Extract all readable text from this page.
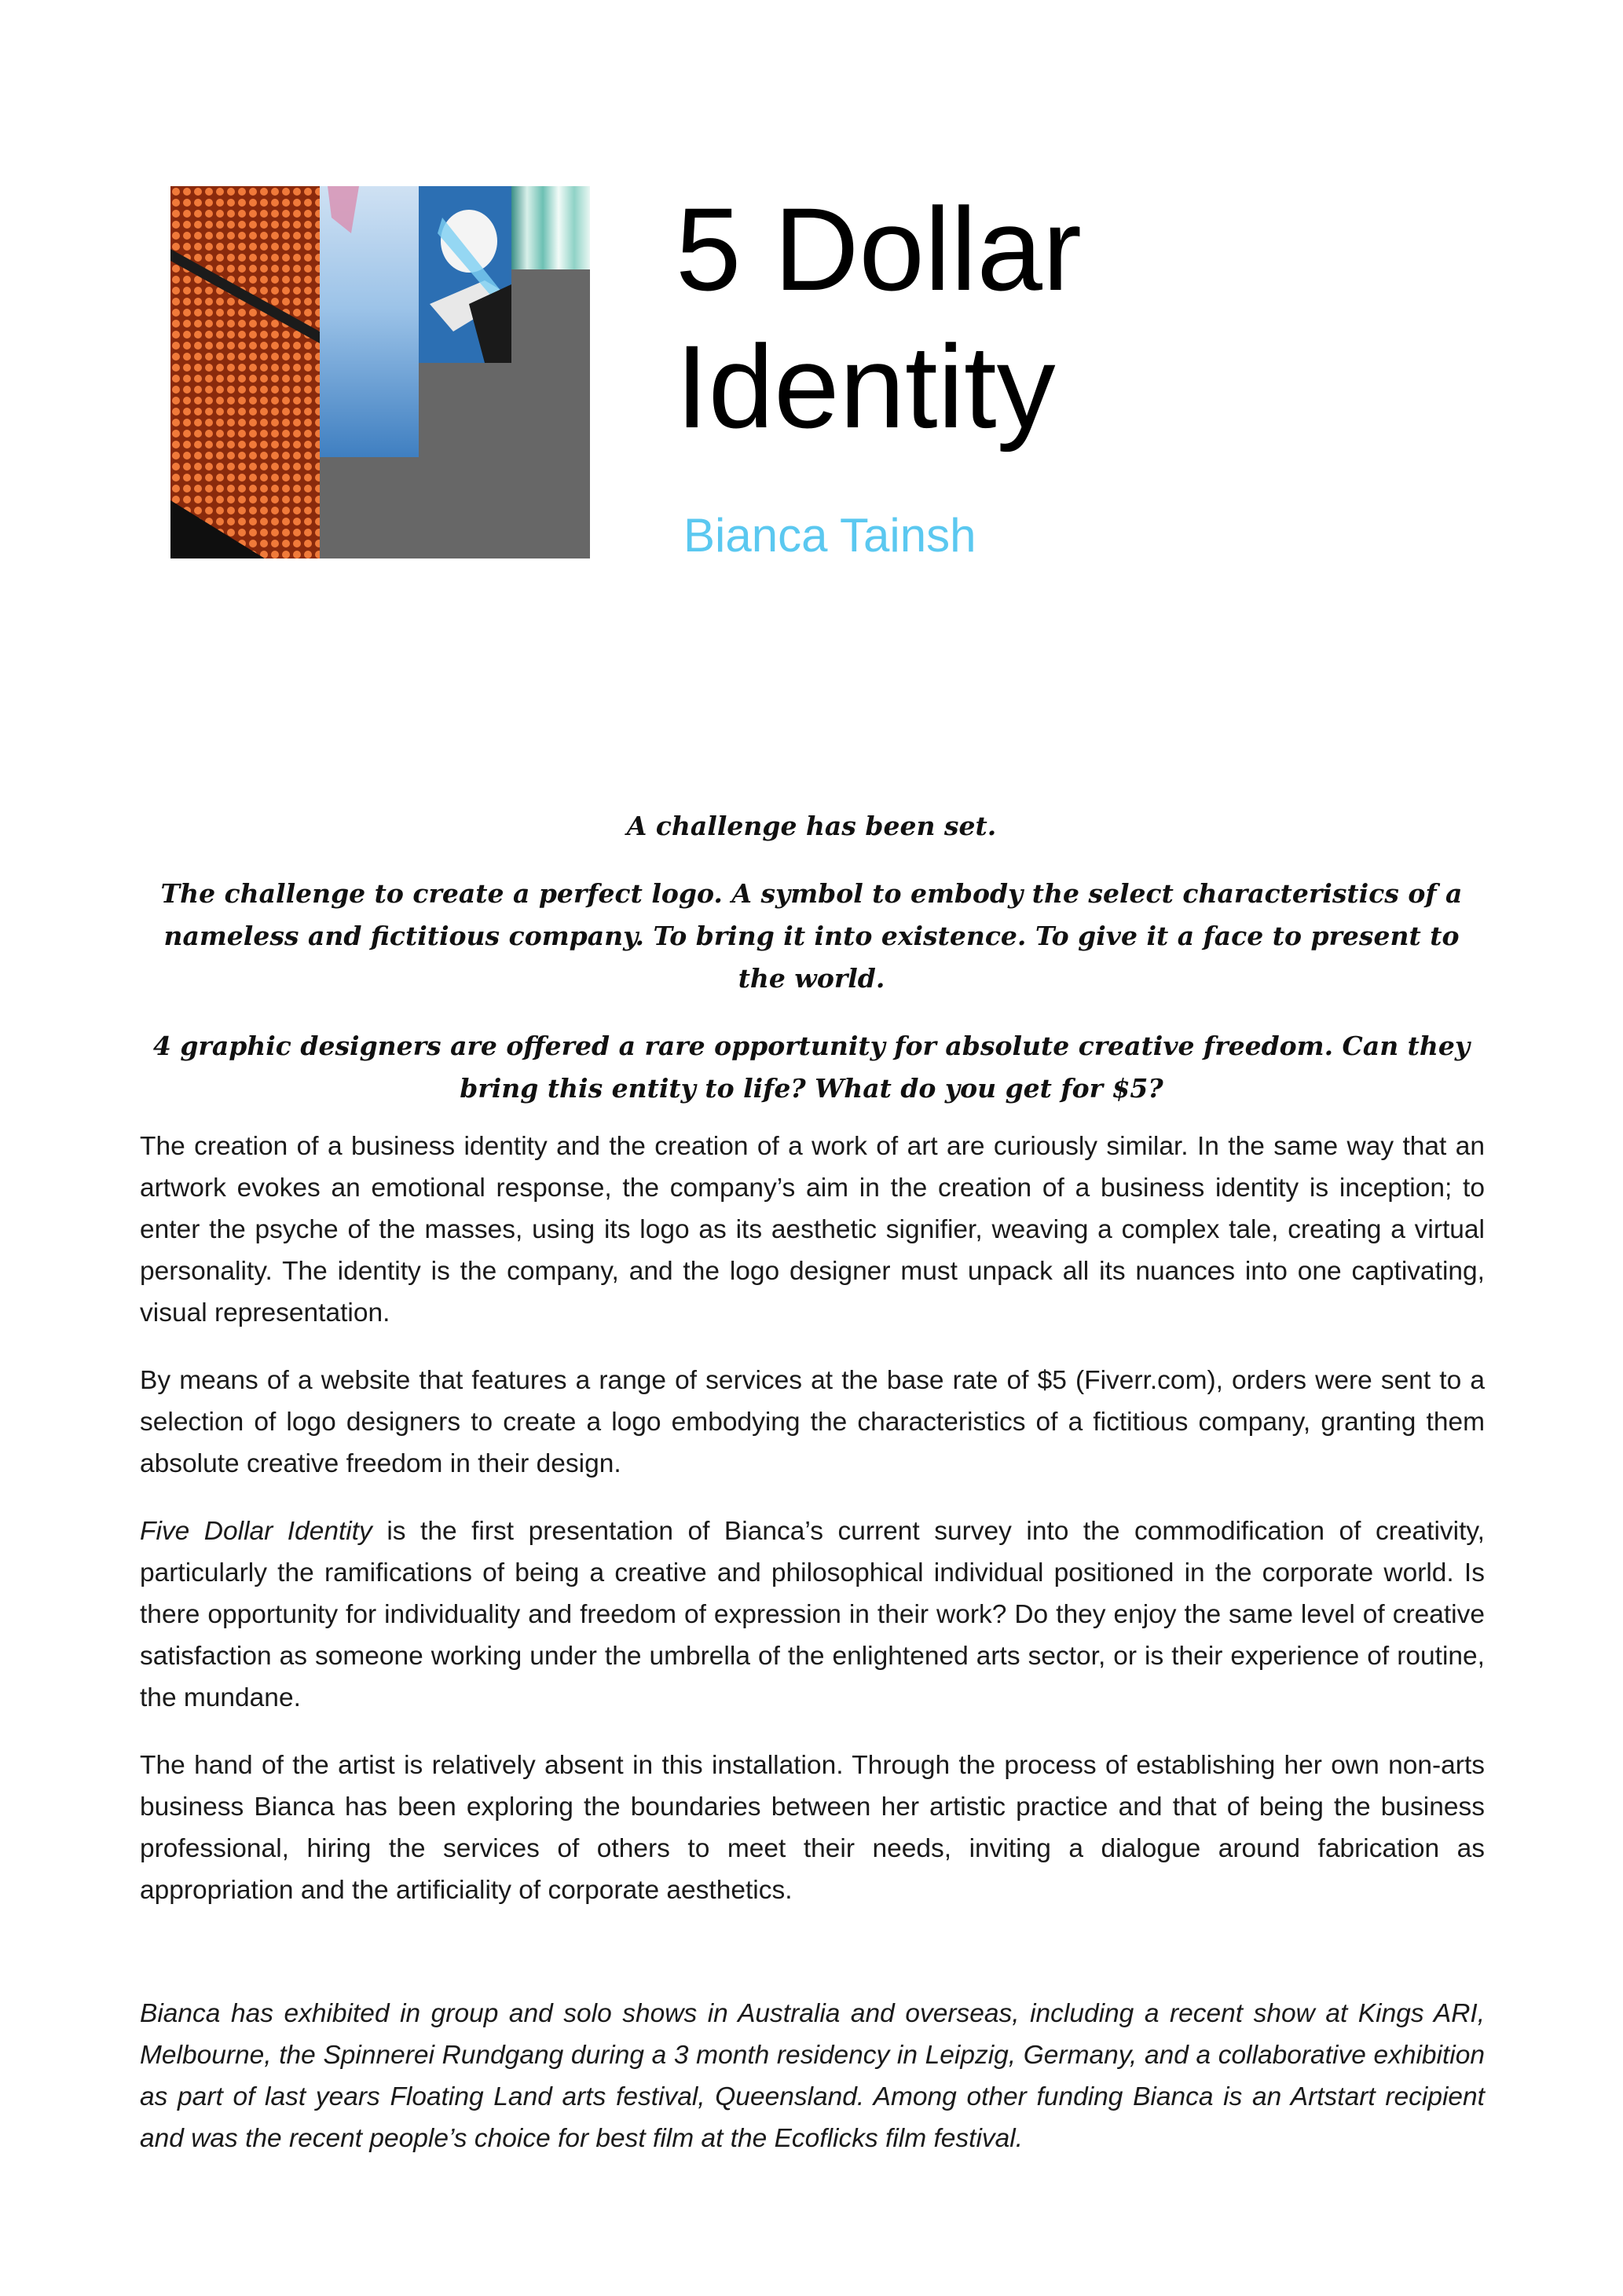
5 Dollar
Identity
Bianca Tainsh

A challenge has been set.

The challenge to create a perfect logo. A symbol to embody the select characteristics of a nameless and fictitious company. To bring it into existence. To give it a face to present to the world.

4 graphic designers are offered a rare opportunity for absolute creative freedom. Can they bring this entity to life? What do you get for $5?

The creation of a business identity and the creation of a work of art are curiously similar. In the same way that an artwork evokes an emotional response, the company’s aim in the creation of a business identity is inception; to enter the psyche of the masses, using its logo as its aesthetic signifier, weaving a complex tale, creating a virtual personality. The identity is the company, and the logo designer must unpack all its nuances into one captivating, visual representation.

By means of a website that features a range of services at the base rate of $5 (Fiverr.com), orders were sent to a selection of logo designers to create a logo embodying the characteristics of a fictitious company, granting them absolute creative freedom in their design.

Five Dollar Identity is the first presentation of Bianca’s current survey into the commodification of creativity, particularly the ramifications of being a creative and philosophical individual positioned in the corporate world. Is there opportunity for individuality and freedom of expression in their work? Do they enjoy the same level of creative satisfaction as someone working under the umbrella of the enlightened arts sector, or is their experience of routine, the mundane.

The hand of the artist is relatively absent in this installation. Through the process of establishing her own non-arts business Bianca has been exploring the boundaries between her artistic practice and that of being the business professional, hiring the services of others to meet their needs, inviting a dialogue around fabrication as appropriation and the artificiality of corporate aesthetics.

Bianca has exhibited in group and solo shows in Australia and overseas, including a recent show at Kings ARI, Melbourne, the Spinnerei Rundgang during a 3 month residency in Leipzig, Germany, and a collaborative exhibition as part of last years Floating Land arts festival, Queensland. Among other funding Bianca is an Artstart recipient and was the recent people’s choice for best film at the Ecoflicks film festival.
